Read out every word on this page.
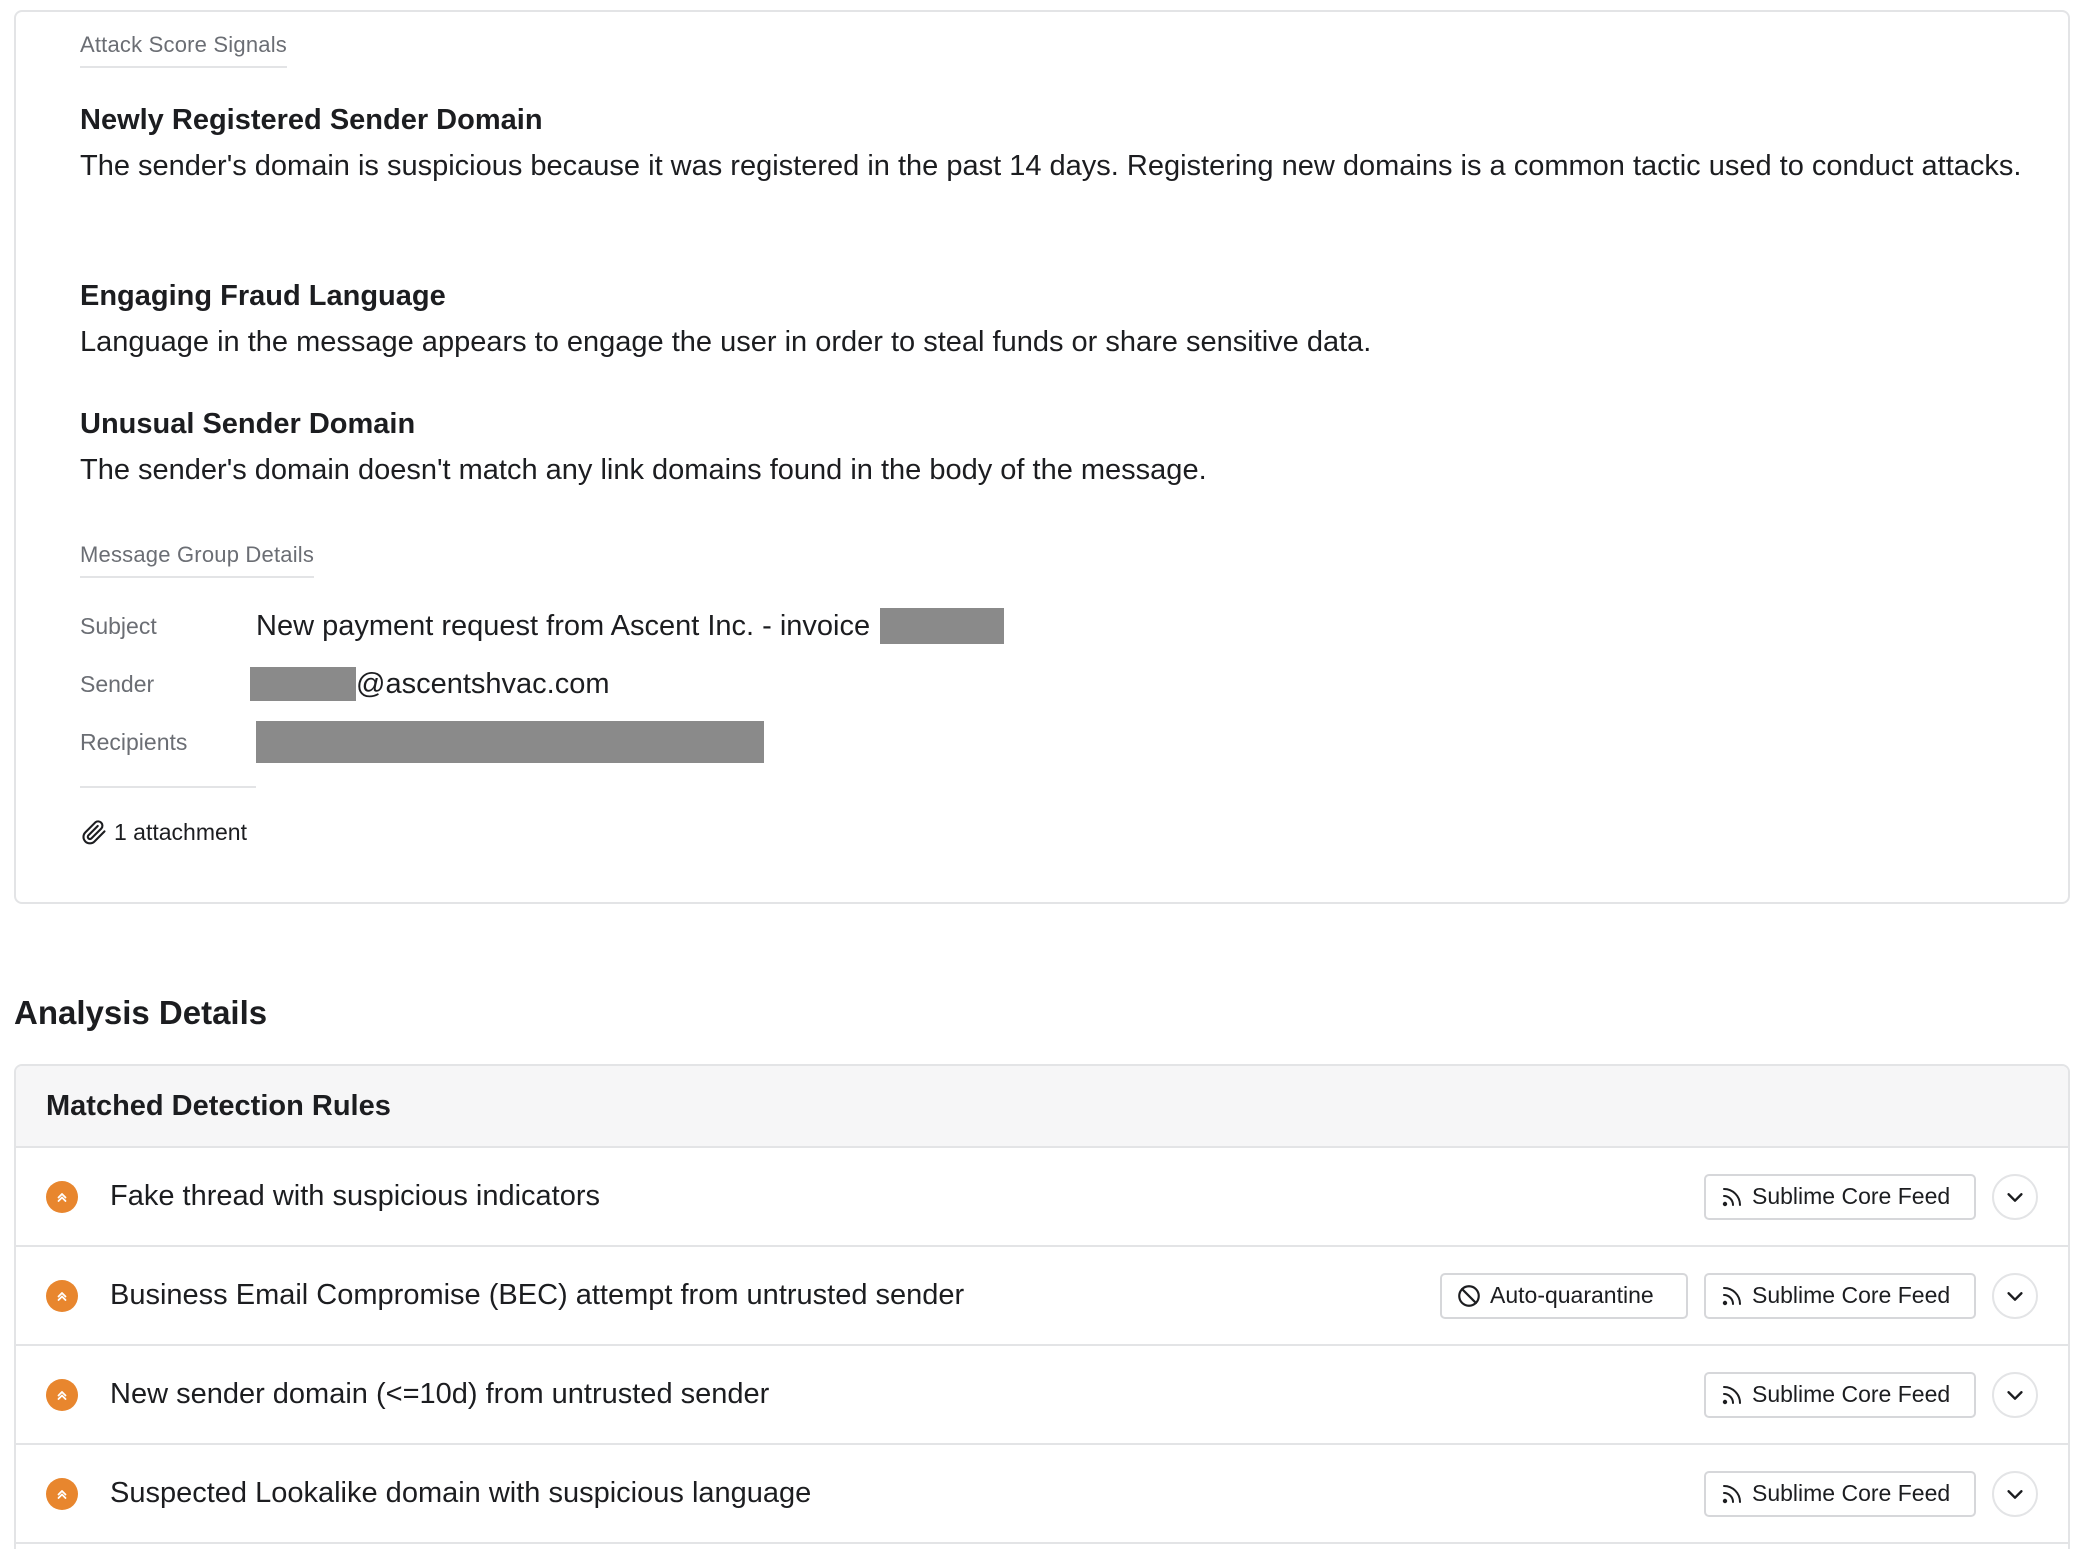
Attack Score Signals
Newly Registered Sender Domain
The sender's domain is suspicious because it was registered in the past 14 days. Registering new domains is a common tactic used to conduct attacks.
Engaging Fraud Language
Language in the message appears to engage the user in order to steal funds or share sensitive data.
Unusual Sender Domain
The sender's domain doesn't match any link domains found in the body of the message.
Message Group Details
Subject	New payment request from Ascent Inc. - invoice
Sender	@ascentshvac.com
Recipients
1 attachment
Analysis Details
Matched Detection Rules
Fake thread with suspicious indicators	Sublime Core Feed
Business Email Compromise (BEC) attempt from untrusted sender	Auto-quarantine	Sublime Core Feed
New sender domain (<=10d) from untrusted sender	Sublime Core Feed
Suspected Lookalike domain with suspicious language	Sublime Core Feed
